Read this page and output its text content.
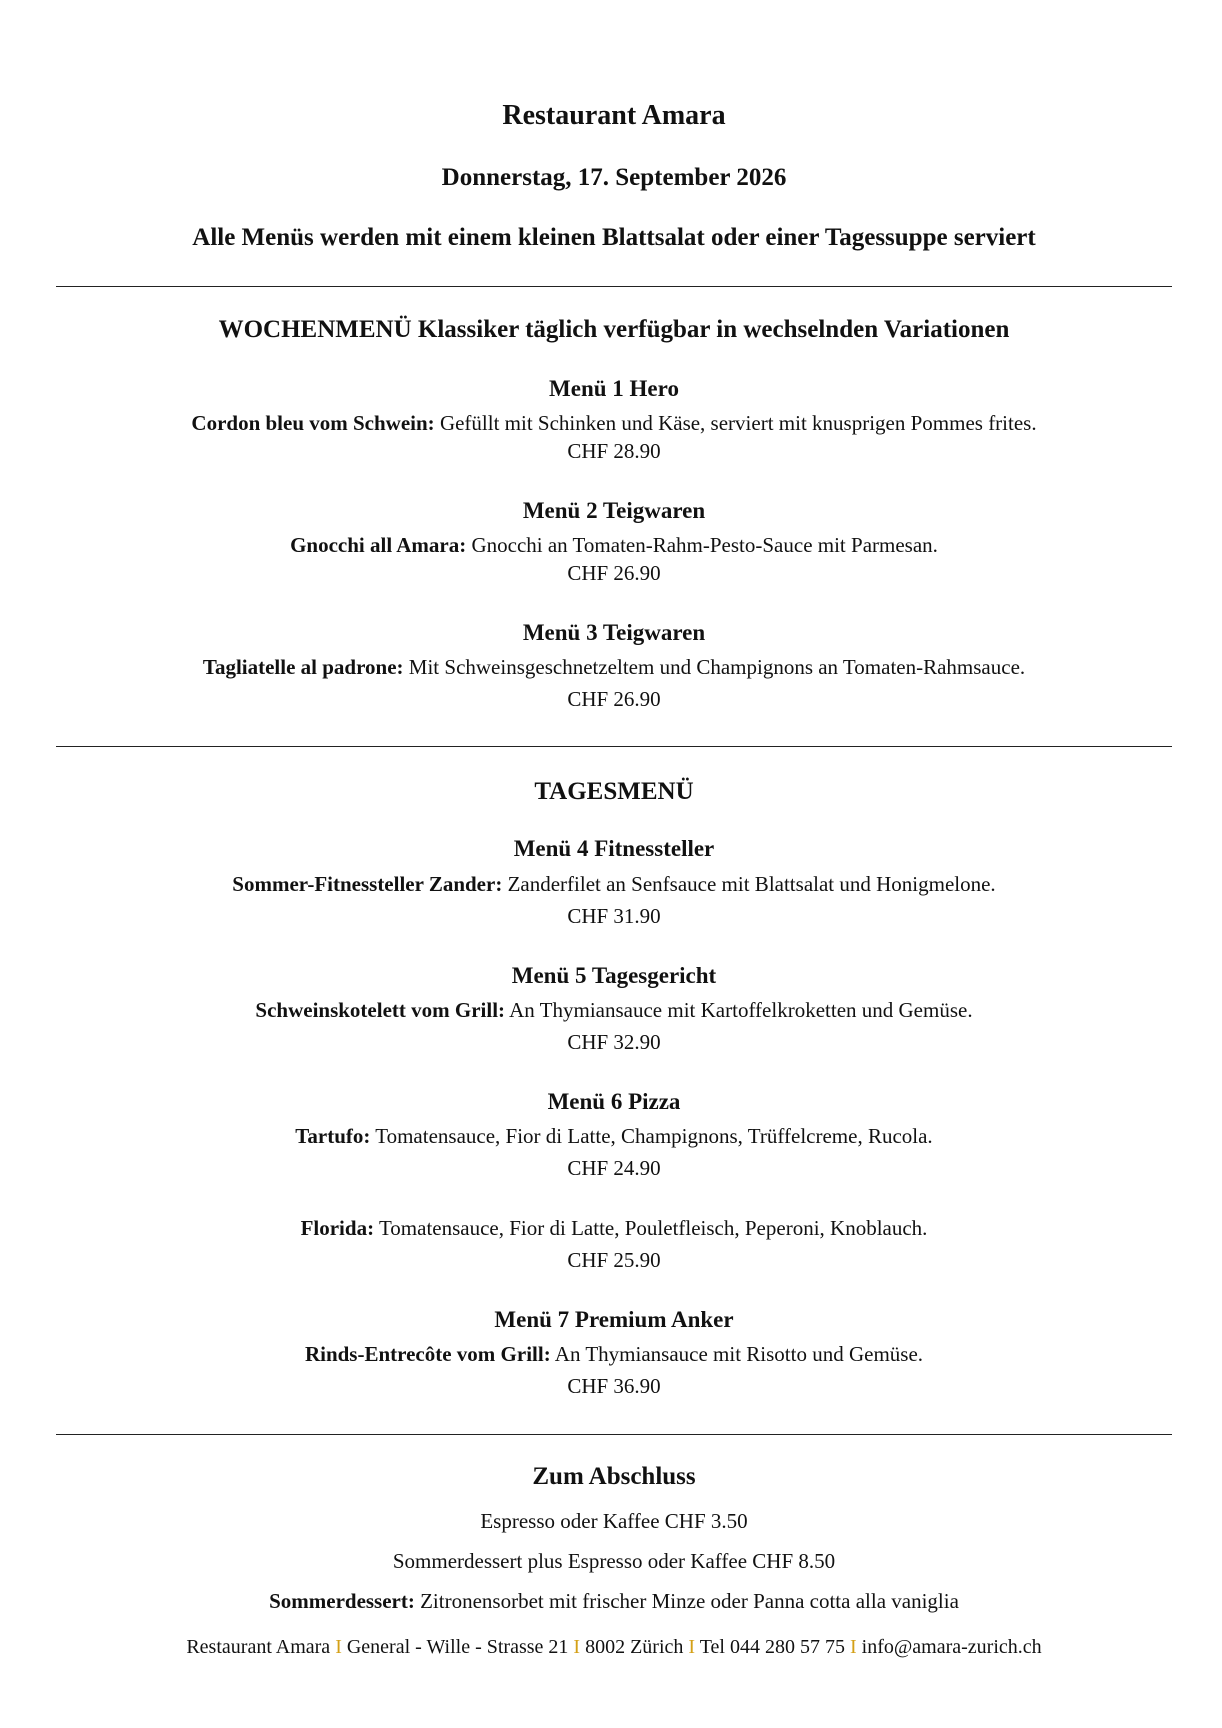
Restaurant Amara
Donnerstag, 17. September 2026
Alle Menüs werden mit einem kleinen Blattsalat oder einer Tagessuppe serviert
WOCHENMENÜ Klassiker täglich verfügbar in wechselnden Variationen
Menü 1 Hero
Cordon bleu vom Schwein: Gefüllt mit Schinken und Käse, serviert mit knusprigen Pommes frites.
CHF 28.90
Menü 2 Teigwaren
Gnocchi all Amara: Gnocchi an Tomaten-Rahm-Pesto-Sauce mit Parmesan.
CHF 26.90
Menü 3 Teigwaren
Tagliatelle al padrone: Mit Schweinsgeschnetzeltem und Champignons an Tomaten-Rahmsauce.
CHF 26.90
TAGESMENÜ
Menü 4 Fitnessteller
Sommer-Fitnessteller Zander: Zanderfilet an Senfsauce mit Blattsalat und Honigmelone.
CHF 31.90
Menü 5 Tagesgericht
Schweinskotelett vom Grill: An Thymiansauce mit Kartoffelkroketten und Gemüse.
CHF 32.90
Menü 6 Pizza
Tartufo: Tomatensauce, Fior di Latte, Champignons, Trüffelcreme, Rucola.
CHF 24.90
Florida: Tomatensauce, Fior di Latte, Pouletfleisch, Peperoni, Knoblauch.
CHF 25.90
Menü 7 Premium Anker
Rinds-Entrecôte vom Grill: An Thymiansauce mit Risotto und Gemüse.
CHF 36.90
Zum Abschluss
Espresso oder Kaffee CHF 3.50
Sommerdessert plus Espresso oder Kaffee CHF 8.50
Sommerdessert: Zitronensorbet mit frischer Minze oder Panna cotta alla vaniglia
Restaurant Amara I General - Wille - Strasse 21 I 8002 Zürich I Tel 044 280 57 75 I info@amara-zurich.ch
